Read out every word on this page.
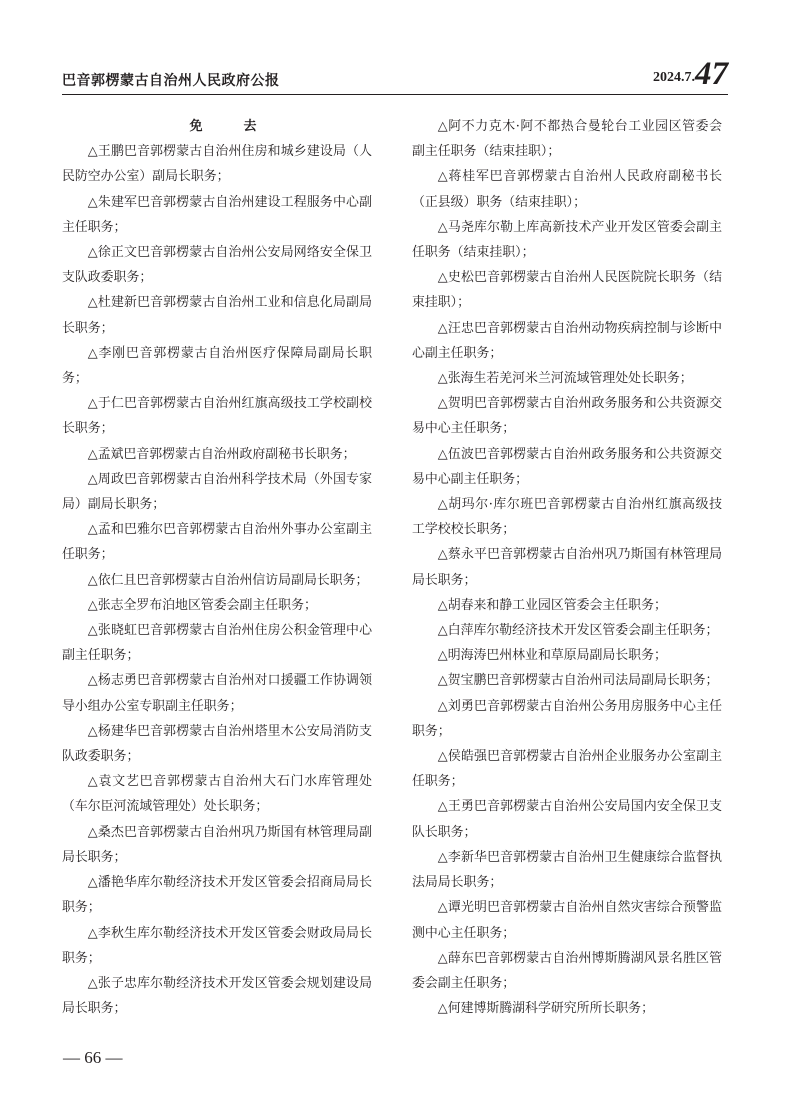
巴音郭楞蒙古自治州人民政府公报	2024.7.47

免　去

△王鹏巴音郭楞蒙古自治州住房和城乡建设局（人民防空办公室）副局长职务；

△朱建军巴音郭楞蒙古自治州建设工程服务中心副主任职务；

△徐正文巴音郭楞蒙古自治州公安局网络安全保卫支队政委职务；

△杜建新巴音郭楞蒙古自治州工业和信息化局副局长职务；

△李刚巴音郭楞蒙古自治州医疗保障局副局长职务；

△于仁巴音郭楞蒙古自治州红旗高级技工学校副校长职务；

△孟斌巴音郭楞蒙古自治州政府副秘书长职务；

△周政巴音郭楞蒙古自治州科学技术局（外国专家局）副局长职务；

△孟和巴雅尔巴音郭楞蒙古自治州外事办公室副主任职务；

△依仁且巴音郭楞蒙古自治州信访局副局长职务；

△张志全罗布泊地区管委会副主任职务；

△张晓虹巴音郭楞蒙古自治州住房公积金管理中心副主任职务；

△杨志勇巴音郭楞蒙古自治州对口援疆工作协调领导小组办公室专职副主任职务；

△杨建华巴音郭楞蒙古自治州塔里木公安局消防支队政委职务；

△袁文艺巴音郭楞蒙古自治州大石门水库管理处（车尔臣河流域管理处）处长职务；

△桑杰巴音郭楞蒙古自治州巩乃斯国有林管理局副局长职务；

△潘艳华库尔勒经济技术开发区管委会招商局局长职务；

△李秋生库尔勒经济技术开发区管委会财政局局长职务；

△张子忠库尔勒经济技术开发区管委会规划建设局局长职务；

△阿不力克木·阿不都热合曼轮台工业园区管委会副主任职务（结束挂职）；

△蒋桂军巴音郭楞蒙古自治州人民政府副秘书长（正县级）职务（结束挂职）；

△马尧库尔勒上库高新技术产业开发区管委会副主任职务（结束挂职）；

△史松巴音郭楞蒙古自治州人民医院院长职务（结束挂职）；

△汪忠巴音郭楞蒙古自治州动物疾病控制与诊断中心副主任职务；

△张海生若羌河米兰河流域管理处处长职务；

△贺明巴音郭楞蒙古自治州政务服务和公共资源交易中心主任职务；

△伍波巴音郭楞蒙古自治州政务服务和公共资源交易中心副主任职务；

△胡玛尔·库尔班巴音郭楞蒙古自治州红旗高级技工学校校长职务；

△蔡永平巴音郭楞蒙古自治州巩乃斯国有林管理局局长职务；

△胡春来和静工业园区管委会主任职务；

△白萍库尔勒经济技术开发区管委会副主任职务；

△明海涛巴州林业和草原局副局长职务；

△贺宝鹏巴音郭楞蒙古自治州司法局副局长职务；

△刘勇巴音郭楞蒙古自治州公务用房服务中心主任职务；

△侯皓强巴音郭楞蒙古自治州企业服务办公室副主任职务；

△王勇巴音郭楞蒙古自治州公安局国内安全保卫支队长职务；

△李新华巴音郭楞蒙古自治州卫生健康综合监督执法局局长职务；

△谭光明巴音郭楞蒙古自治州自然灾害综合预警监测中心主任职务；

△薛东巴音郭楞蒙古自治州博斯腾湖风景名胜区管委会副主任职务；

△何建博斯腾湖科学研究所所长职务；

— 66 —
